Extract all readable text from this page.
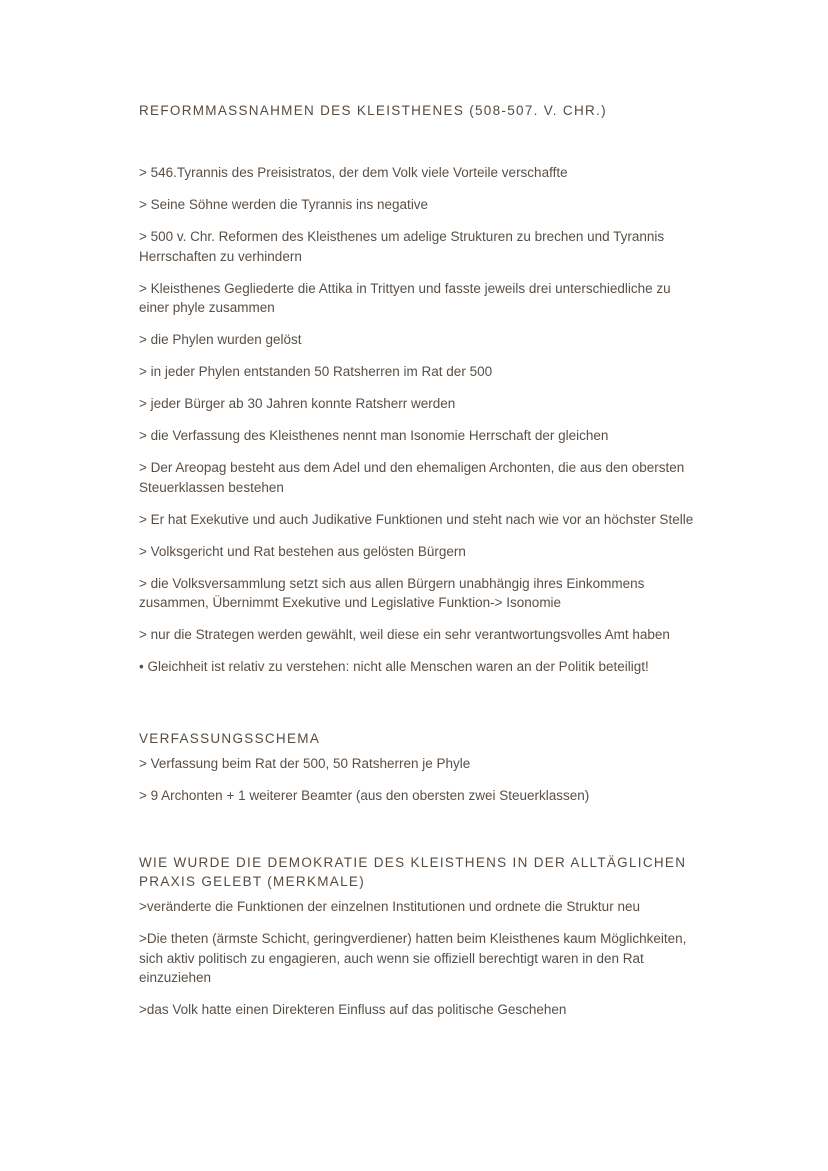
REFORMMASSNAHMEN DES KLEISTHENES (508-507. V. CHR.)

> 546.Tyrannis des Preisistratos, der dem Volk viele Vorteile verschaffte

> Seine Söhne werden die Tyrannis ins negative

> 500 v. Chr. Reformen des Kleisthenes um adelige Strukturen zu brechen und Tyrannis Herrschaften zu verhindern

> Kleisthenes Gegliederte die Attika in Trittyen und fasste jeweils drei unterschiedliche zu einer phyle zusammen

> die Phylen wurden gelöst

> in jeder Phylen entstanden 50 Ratsherren im Rat der 500

> jeder Bürger ab 30 Jahren konnte Ratsherr werden

> die Verfassung des Kleisthenes nennt man Isonomie Herrschaft der gleichen

> Der Areopag besteht aus dem Adel und den ehemaligen Archonten, die aus den obersten Steuerklassen bestehen

> Er hat Exekutive und auch Judikative Funktionen und steht nach wie vor an höchster Stelle

> Volksgericht und Rat bestehen aus gelösten Bürgern

> die Volksversammlung setzt sich aus allen Bürgern unabhängig ihres Einkommens zusammen, Übernimmt Exekutive und Legislative Funktion-> Isonomie

> nur die Strategen werden gewählt, weil diese ein sehr verantwortungsvolles Amt haben

• Gleichheit ist relativ zu verstehen: nicht alle Menschen waren an der Politik beteiligt!

VERFASSUNGSSCHEMA

> Verfassung beim Rat der 500, 50 Ratsherren je Phyle

> 9 Archonten + 1 weiterer Beamter (aus den obersten zwei Steuerklassen)

WIE WURDE DIE DEMOKRATIE DES KLEISTHENS IN DER ALLTÄGLICHEN PRAXIS GELEBT (MERKMALE)

>veränderte die Funktionen der einzelnen Institutionen und ordnete die Struktur neu

>Die theten (ärmste Schicht, geringverdiener) hatten beim Kleisthenes kaum Möglichkeiten, sich aktiv politisch zu engagieren, auch wenn sie offiziell berechtigt waren in den Rat einzuziehen

>das Volk hatte einen Direkteren Einfluss auf das politische Geschehen
